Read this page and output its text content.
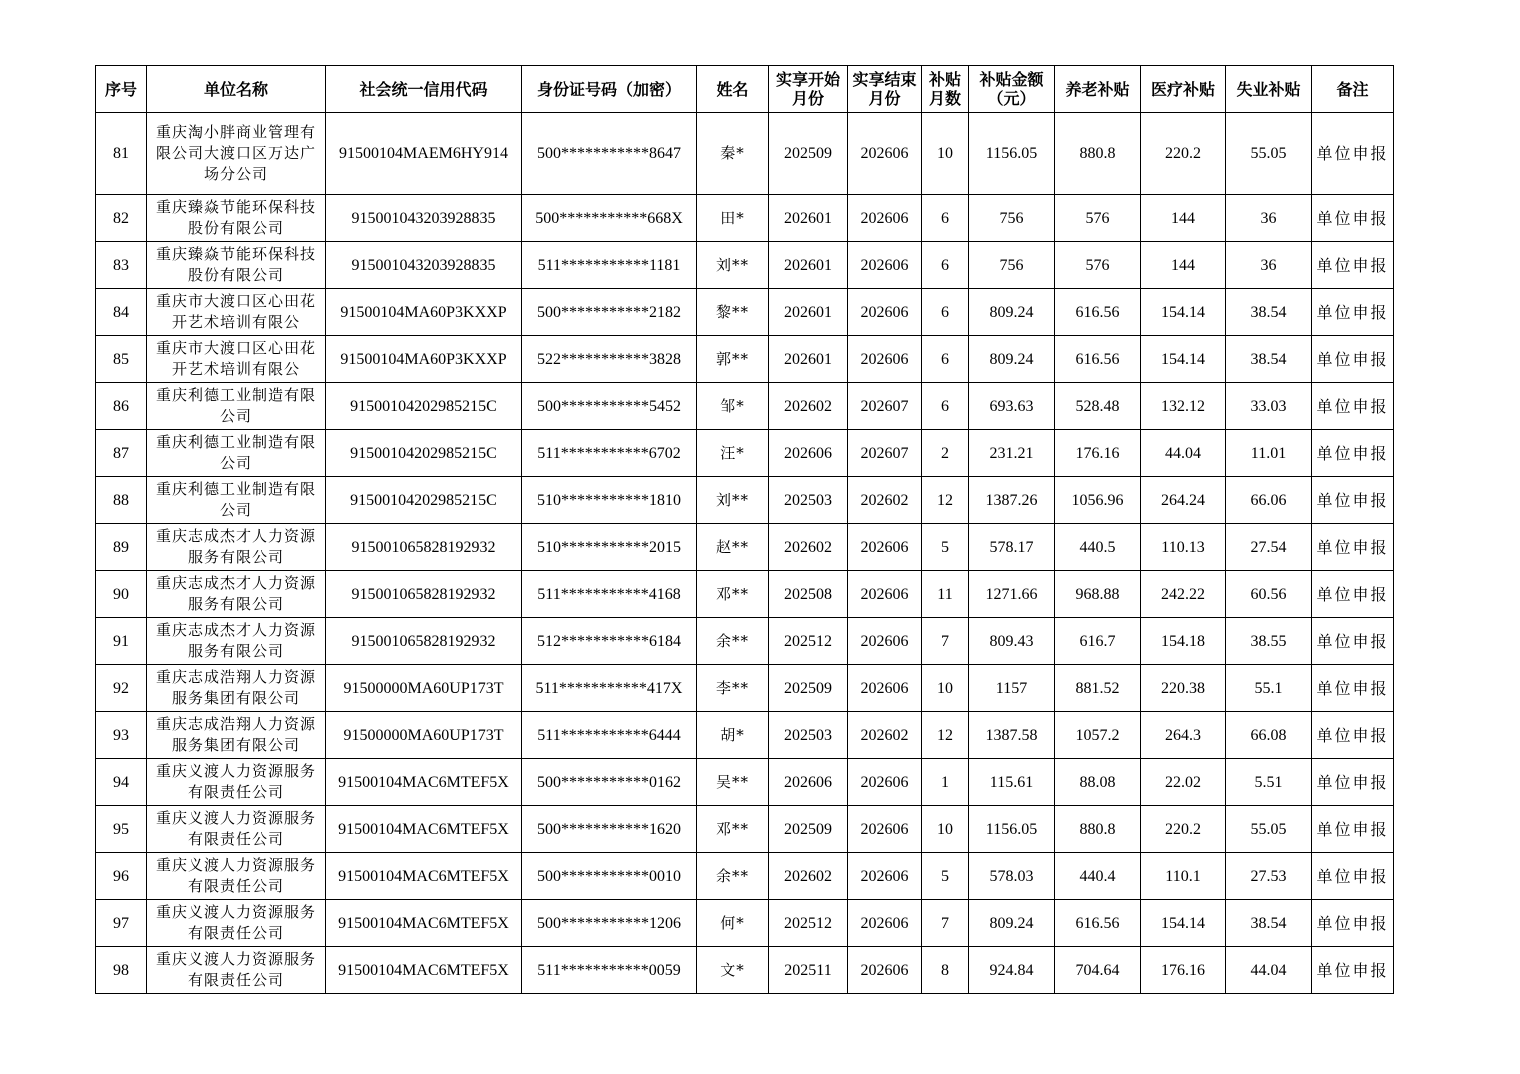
序号	单位名称	社会统一信用代码	身份证号码（加密）	姓名	实享开始月份	实享结束月份	补贴月数	补贴金额（元）	养老补贴	医疗补贴	失业补贴	备注
81	重庆淘小胖商业管理有限公司大渡口区万达广场分公司	91500104MAEM6HY914	500***********8647	秦*	202509	202606	10	1156.05	880.8	220.2	55.05	单位申报
82	重庆臻焱节能环保科技股份有限公司	915001043203928835	500***********668X	田*	202601	202606	6	756	576	144	36	单位申报
83	重庆臻焱节能环保科技股份有限公司	915001043203928835	511***********1181	刘**	202601	202606	6	756	576	144	36	单位申报
84	重庆市大渡口区心田花开艺术培训有限公	91500104MA60P3KXXP	500***********2182	黎**	202601	202606	6	809.24	616.56	154.14	38.54	单位申报
85	重庆市大渡口区心田花开艺术培训有限公	91500104MA60P3KXXP	522***********3828	郭**	202601	202606	6	809.24	616.56	154.14	38.54	单位申报
86	重庆利德工业制造有限公司	91500104202985215C	500***********5452	邹*	202602	202607	6	693.63	528.48	132.12	33.03	单位申报
87	重庆利德工业制造有限公司	91500104202985215C	511***********6702	汪*	202606	202607	2	231.21	176.16	44.04	11.01	单位申报
88	重庆利德工业制造有限公司	91500104202985215C	510***********1810	刘**	202503	202602	12	1387.26	1056.96	264.24	66.06	单位申报
89	重庆志成杰才人力资源服务有限公司	915001065828192932	510***********2015	赵**	202602	202606	5	578.17	440.5	110.13	27.54	单位申报
90	重庆志成杰才人力资源服务有限公司	915001065828192932	511***********4168	邓**	202508	202606	11	1271.66	968.88	242.22	60.56	单位申报
91	重庆志成杰才人力资源服务有限公司	915001065828192932	512***********6184	余**	202512	202606	7	809.43	616.7	154.18	38.55	单位申报
92	重庆志成浩翔人力资源服务集团有限公司	91500000MA60UP173T	511***********417X	李**	202509	202606	10	1157	881.52	220.38	55.1	单位申报
93	重庆志成浩翔人力资源服务集团有限公司	91500000MA60UP173T	511***********6444	胡*	202503	202602	12	1387.58	1057.2	264.3	66.08	单位申报
94	重庆义渡人力资源服务有限责任公司	91500104MAC6MTEF5X	500***********0162	吴**	202606	202606	1	115.61	88.08	22.02	5.51	单位申报
95	重庆义渡人力资源服务有限责任公司	91500104MAC6MTEF5X	500***********1620	邓**	202509	202606	10	1156.05	880.8	220.2	55.05	单位申报
96	重庆义渡人力资源服务有限责任公司	91500104MAC6MTEF5X	500***********0010	余**	202602	202606	5	578.03	440.4	110.1	27.53	单位申报
97	重庆义渡人力资源服务有限责任公司	91500104MAC6MTEF5X	500***********1206	何*	202512	202606	7	809.24	616.56	154.14	38.54	单位申报
98	重庆义渡人力资源服务有限责任公司	91500104MAC6MTEF5X	511***********0059	文*	202511	202606	8	924.84	704.64	176.16	44.04	单位申报
